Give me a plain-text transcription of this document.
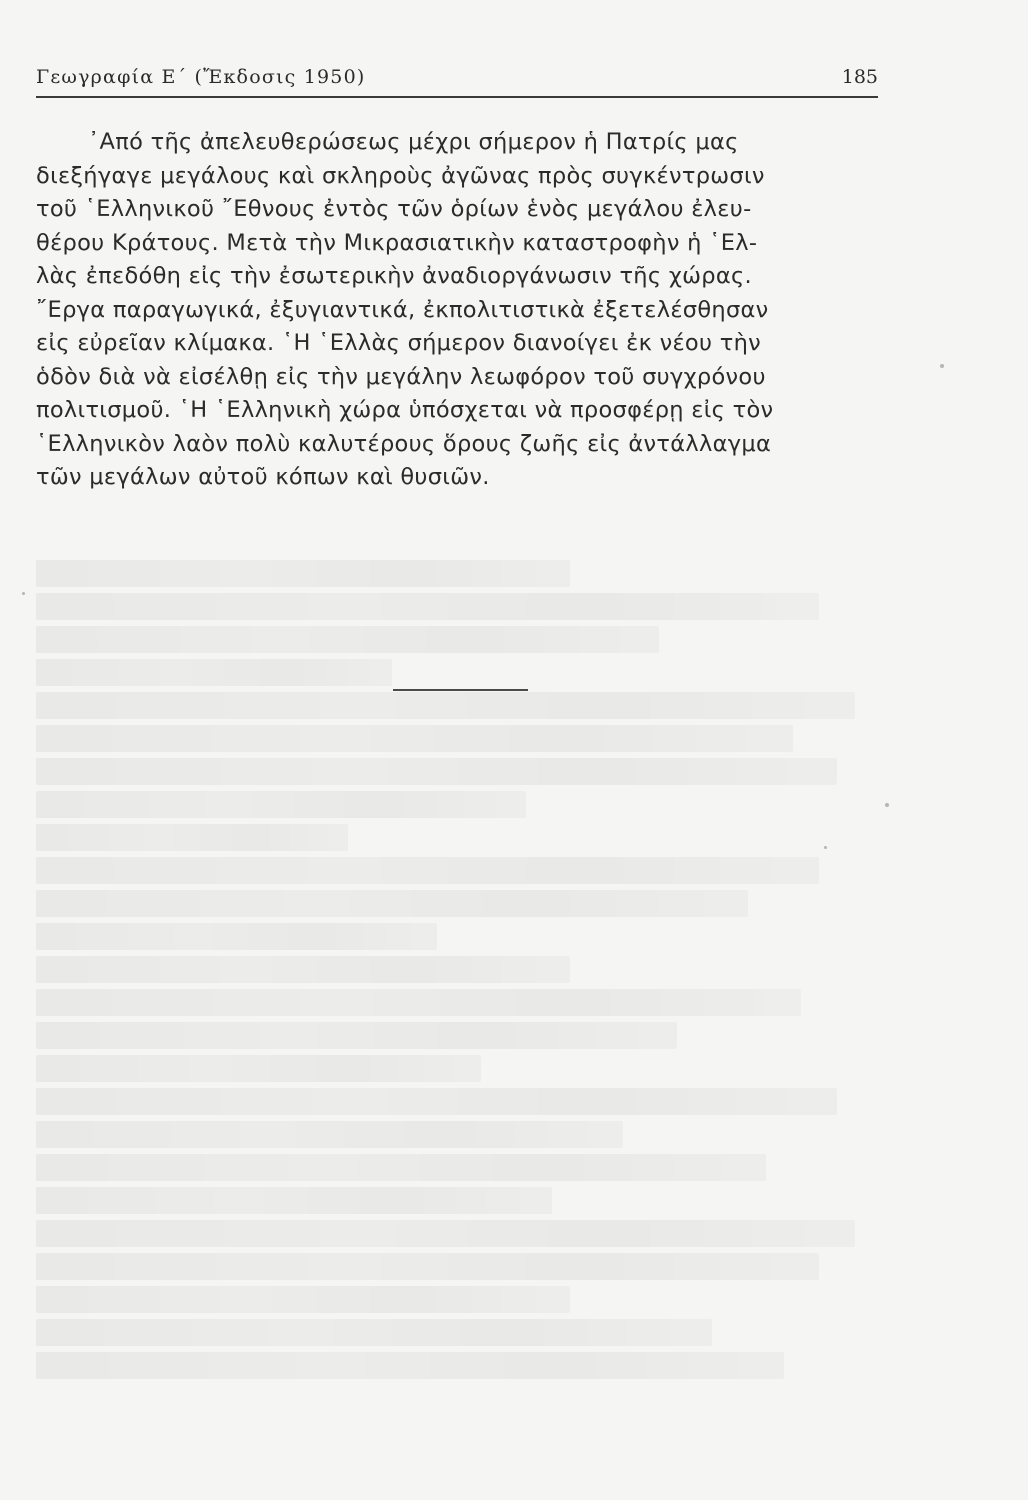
Γεωγραφία Ε΄ (Ἔκδοσις 1950)	185
᾿Από τῆς ἀπελευθερώσεως μέχρι σήμερον ἡ Πατρίς μας
διεξήγαγε μεγάλους καὶ σκληροὺς ἀγῶνας πρὸς συγκέντρωσιν
τοῦ ῾Ελληνικοῦ ῎Εθνους ἐντὸς τῶν ὁρίων ἑνὸς μεγάλου ἐλευ-
θέρου Κράτους. Μετὰ τὴν Μικρασιατικὴν καταστροφὴν ἡ ῾Ελ-
λὰς ἐπεδόθη εἰς τὴν ἐσωτερικὴν ἀναδιοργάνωσιν τῆς χώρας.
῎Εργα παραγωγικά, ἐξυγιαντικά, ἐκπολιτιστικὰ ἐξετελέσθησαν
εἰς εὐρεῖαν κλίμακα. ῾Η ῾Ελλὰς σήμερον διανοίγει ἐκ νέου τὴν
ὁδὸν διὰ νὰ εἰσέλθῃ εἰς τὴν μεγάλην λεωφόρον τοῦ συγχρόνου
πολιτισμοῦ. ῾Η ῾Ελληνικὴ χώρα ὑπόσχεται νὰ προσφέρῃ εἰς τὸν
῾Ελληνικὸν λαὸν πολὺ καλυτέρους ὅρους ζωῆς εἰς ἀντάλλαγμα
τῶν μεγάλων αὐτοῦ κόπων καὶ θυσιῶν.
